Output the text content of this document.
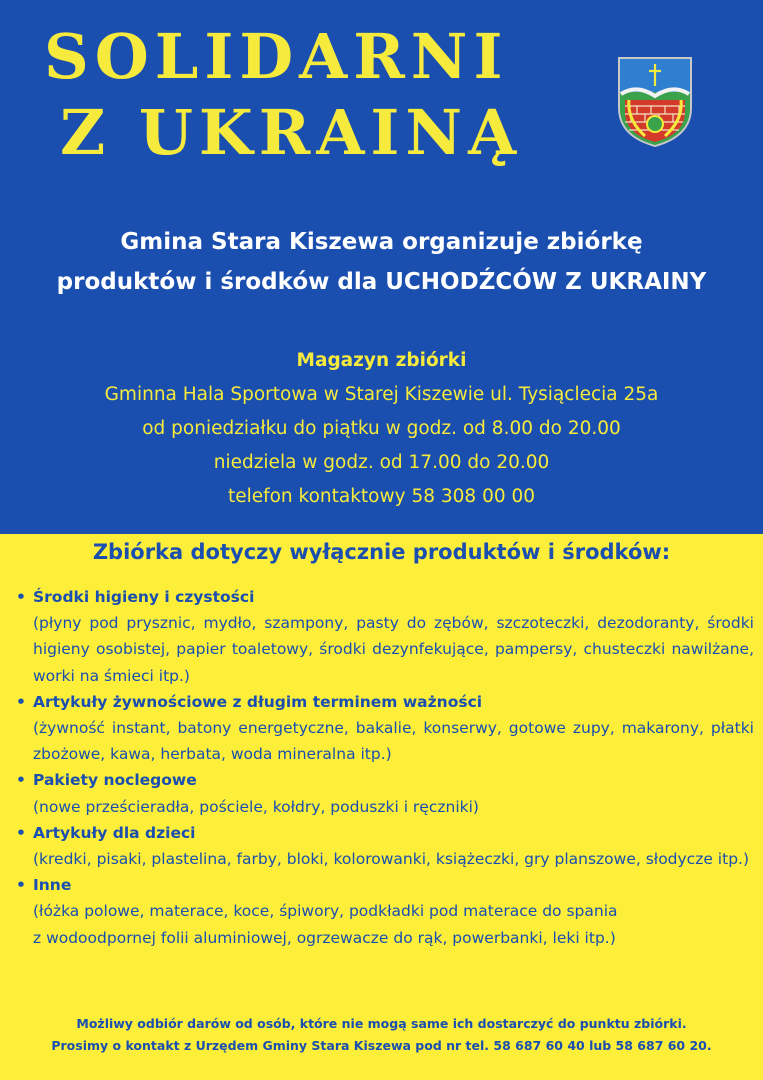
SOLIDARNI
Z UKRAINĄ
Gmina Stara Kiszewa organizuje zbiórkę
produktów i środków dla UCHODŹCÓW Z UKRAINY
Magazyn zbiórki
Gminna Hala Sportowa w Starej Kiszewie ul. Tysiąclecia 25a
od poniedziałku do piątku w godz. od 8.00 do 20.00
niedziela w godz. od 17.00 do 20.00
telefon kontaktowy 58 308 00 00
Zbiórka dotyczy wyłącznie produktów i środków:
• Środki higieny i czystości
(płyny pod prysznic, mydło, szampony, pasty do zębów, szczoteczki, dezodoranty, środki higieny osobistej, papier toaletowy, środki dezynfekujące, pampersy, chusteczki nawilżane, worki na śmieci itp.)
• Artykuły żywnościowe z długim terminem ważności
(żywność instant, batony energetyczne, bakalie, konserwy, gotowe zupy, makarony, płatki zbożowe, kawa, herbata, woda mineralna itp.)
• Pakiety noclegowe
(nowe prześcieradła, pościele, kołdry, poduszki i ręczniki)
• Artykuły dla dzieci
(kredki, pisaki, plastelina, farby, bloki, kolorowanki, książeczki, gry planszowe, słodycze itp.)
• Inne
(łóżka polowe, materace, koce, śpiwory, podkładki pod materace do spania
z wodoodpornej folii aluminiowej, ogrzewacze do rąk, powerbanki, leki itp.)
Możliwy odbiór darów od osób, które nie mogą same ich dostarczyć do punktu zbiórki.
Prosimy o kontakt z Urzędem Gminy Stara Kiszewa pod nr tel. 58 687 60 40 lub 58 687 60 20.
